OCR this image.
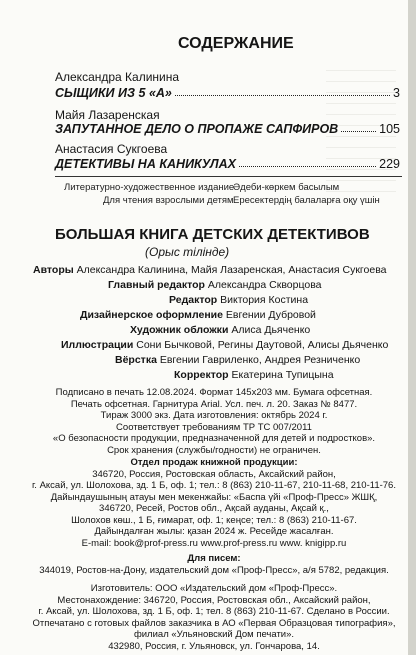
СОДЕРЖАНИЕ
Александра Калинина
СЫЩИКИ ИЗ 5 «А»	3
Майя Лазаренская
ЗАПУТАННОЕ ДЕЛО О ПРОПАЖЕ САПФИРОВ	105
Анастасия Сукгоева
ДЕТЕКТИВЫ НА КАНИКУЛАХ	229
Литературно-художественное издание
Для чтения взрослыми детям
Әдеби-көркем басылым
Ересектердің балаларға оқу үшін
БОЛЬШАЯ КНИГА ДЕТСКИХ ДЕТЕКТИВОВ
(Орыс тілінде)
Авторы Александра Калинина, Майя Лазаренская, Анастасия Сукгоева
Главный редактор Александра Скворцова
Редактор Виктория Костина
Дизайнерское оформление Евгении Дубровой
Художник обложки Алиса Дьяченко
Иллюстрации Сони Бычковой, Регины Даутовой, Алисы Дьяченко
Вёрстка Евгении Гавриленко, Андрея Резниченко
Корректор Екатерина Тупицына
Подписано в печать 12.08.2024. Формат 145х203 мм. Бумага офсетная.
Печать офсетная. Гарнитура Arial. Усл. печ. л. 20. Заказ № 8477.
Тираж 3000 экз. Дата изготовления: октябрь 2024 г.
Соответствует требованиям ТР ТС 007/2011
«О безопасности продукции, предназначенной для детей и подростков».
Срок хранения (службы/годности) не ограничен.
Отдел продаж книжной продукции:
346720, Россия, Ростовская область, Аксайский район,
г. Аксай, ул. Шолохова, зд. 1 Б, оф. 1; тел.: 8 (863) 210-11-67, 210-11-68, 210-11-76.
Дайындаушының атауы мен мекенжайы: «Баспа үйі «Проф-Пресс» ЖШҚ,
346720, Ресей, Ростов обл., Ақсай ауданы, Ақсай қ.,
Шолохов көш., 1 Б, ғимарат, оф. 1; кеңсе; тел.: 8 (863) 210-11-67.
Дайындалған жылы: қазан 2024 ж. Ресейде жасалған.
E-mail: book@prof-press.ru www.prof-press.ru www. knigipp.ru
Для писем:
344019, Ростов-на-Дону, издательский дом «Проф-Пресс», а/я 5782, редакция.
Изготовитель: ООО «Издательский дом «Проф-Пресс».
Местонахождение: 346720, Россия, Ростовская обл., Аксайский район,
г. Аксай, ул. Шолохова, зд. 1 Б, оф. 1; тел. 8 (863) 210-11-67. Сделано в России.
Отпечатано с готовых файлов заказчика в АО «Первая Образцовая типография»,
филиал «Ульяновский Дом печати».
432980, Россия, г. Ульяновск, ул. Гончарова, 14.
